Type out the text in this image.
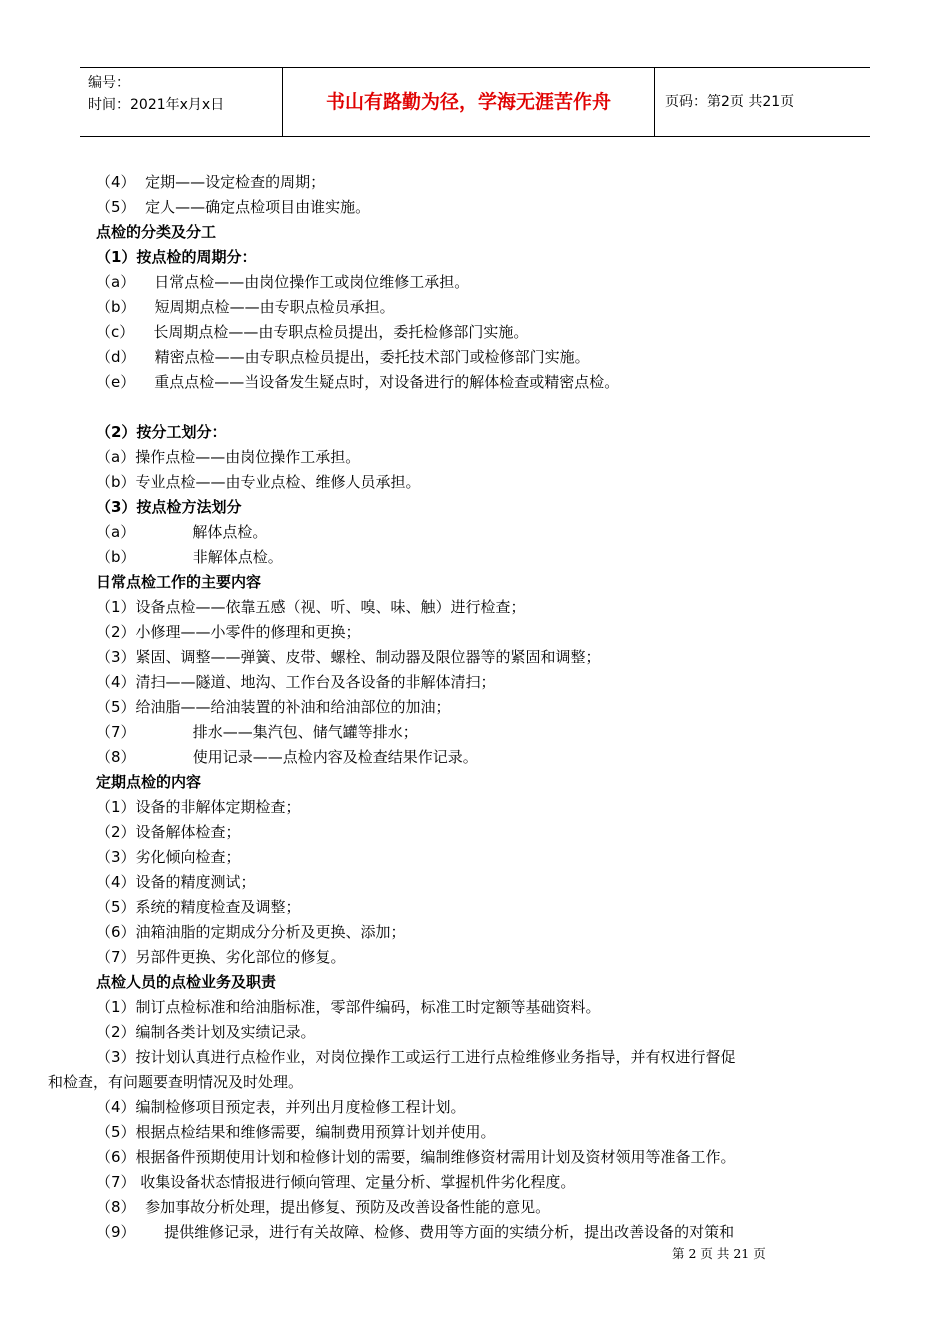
编号：
时间：2021年x月x日	书山有路勤为径，学海无涯苦作舟	页码：第2页 共21页
（4）  定期——设定检查的周期；
（5）  定人——确定点检项目由谁实施。
点检的分类及分工
（1）按点检的周期分：
（a）    日常点检——由岗位操作工或岗位维修工承担。
（b）    短周期点检——由专职点检员承担。
（c）    长周期点检——由专职点检员提出，委托检修部门实施。
（d）    精密点检——由专职点检员提出，委托技术部门或检修部门实施。
（e）    重点点检——当设备发生疑点时，对设备进行的解体检查或精密点检。
（2）按分工划分：
（a）操作点检——由岗位操作工承担。
（b）专业点检——由专业点检、维修人员承担。
（3）按点检方法划分
（a）            解体点检。
（b）            非解体点检。
日常点检工作的主要内容
（1）设备点检——依靠五感（视、听、嗅、味、触）进行检查；
（2）小修理——小零件的修理和更换；
（3）紧固、调整——弹簧、皮带、螺栓、制动器及限位器等的紧固和调整；
（4）清扫——隧道、地沟、工作台及各设备的非解体清扫；
（5）给油脂——给油装置的补油和给油部位的加油；
（7）            排水——集汽包、储气罐等排水；
（8）            使用记录——点检内容及检查结果作记录。
定期点检的内容
（1）设备的非解体定期检查；
（2）设备解体检查；
（3）劣化倾向检查；
（4）设备的精度测试；
（5）系统的精度检查及调整；
（6）油箱油脂的定期成分分析及更换、添加；
（7）另部件更换、劣化部位的修复。
点检人员的点检业务及职责
（1）制订点检标准和给油脂标准，零部件编码，标准工时定额等基础资料。
（2）编制各类计划及实绩记录。
（3）按计划认真进行点检作业，对岗位操作工或运行工进行点检维修业务指导，并有权进行督促
和检查，有问题要查明情况及时处理。
（4）编制检修项目预定表，并列出月度检修工程计划。
（5）根据点检结果和维修需要，编制费用预算计划并使用。
（6）根据备件预期使用计划和检修计划的需要，编制维修资材需用计划及资材领用等准备工作。
（7） 收集设备状态情报进行倾向管理、定量分析、掌握机件劣化程度。
（8）  参加事故分析处理，提出修复、预防及改善设备性能的意见。
（9）      提供维修记录，进行有关故障、检修、费用等方面的实绩分析，提出改善设备的对策和
第 2 页 共 21 页
